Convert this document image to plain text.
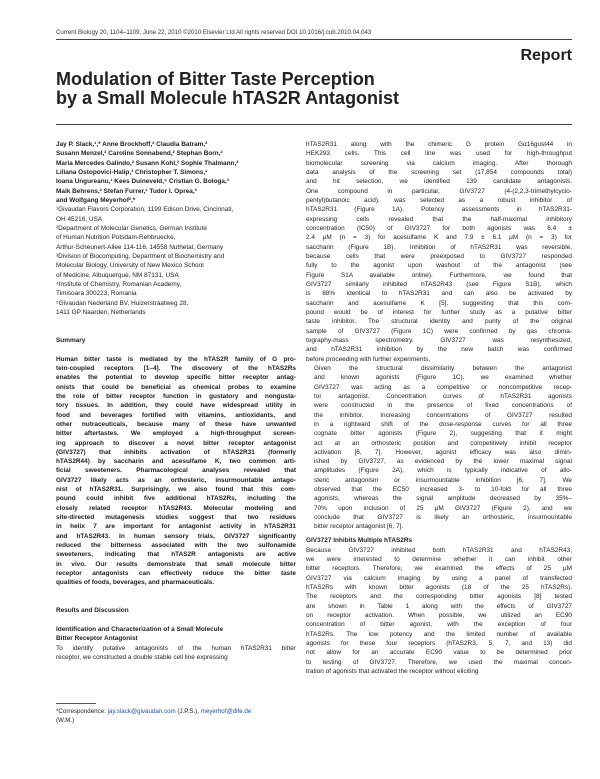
Current Biology 20, 1104–1109, June 22, 2010 ©2010 Elsevier Ltd All rights reserved DOI 10.1016/j.cub.2010.04.043
Report
Modulation of Bitter Taste Perception
by a Small Molecule hTAS2R Antagonist
Jay P. Slack,¹,* Anne Brockhoff,² Claudia Batram,²
Susann Menzel,² Caroline Sonnabend,² Stephan Born,²
Maria Mercedes Galindo,² Susann Kohl,² Sophie Thalmann,²
Liliana Ostopovici-Halip,³ Christopher T. Simons,¹
Ioana Ungureanu,¹ Kees Duineveld,⁵ Cristian G. Bologa,³
Maik Behrens,² Stefan Furrer,¹ Tudor I. Oprea,³
and Wolfgang Meyerhof²,*
¹Givaudan Flavors Corporation, 1199 Edison Drive, Cincinnati,
OH 45216, USA
²Department of Molecular Genetics, German Institute
of Human Nutrition Potsdam-Rehbruecke,
Arthur-Scheunert-Allee 114-116, 14558 Nuthetal, Germany
³Division of Biocomputing, Department of Biochemistry and
Molecular Biology, University of New Mexico School
of Medicine, Albuquerque, NM 87131, USA
⁴Institute of Chemistry, Romanian Academy,
Timisoara 300223, Romania
⁵Givaudan Nederland BV, Huizerstraatweg 28,
1411 GP Naarden, Netherlands
Summary
Human bitter taste is mediated by the hTAS2R family of G pro-
tein-coupled receptors [1–4]. The discovery of the hTAS2Rs
enables the potential to develop specific bitter receptor antag-
onists that could be beneficial as chemical probes to examine
the role of bitter receptor function in gustatory and nongusta-
tory tissues. In addition, they could have widespread utility in
food and beverages fortified with vitamins, antioxidants, and
other nutraceuticals, because many of these have unwanted
bitter aftertastes. We employed a high-throughput screen-
ing approach to discover a novel bitter receptor antagonist
(GIV3727) that inhibits activation of hTAS2R31 (formerly
hTAS2R44) by saccharin and acesulfame K, two common arti-
ficial sweeteners. Pharmacological analyses revealed that
GIV3727 likely acts as an orthosteric, insurmountable antago-
nist of hTAS2R31. Surprisingly, we also found that this com-
pound could inhibit five additional hTAS2Rs, including the
closely related receptor hTAS2R43. Molecular modeling and
site-directed mutagenesis studies suggest that two residues
in helix 7 are important for antagonist activity in hTAS2R31
and hTAS2R43. In human sensory trials, GIV3727 significantly
reduced the bitterness associated with the two sulfonamide
sweeteners, indicating that hTAS2R antagonists are active
in vivo. Our results demonstrate that small molecule bitter
receptor antagonists can effectively reduce the bitter taste
qualities of foods, beverages, and pharmaceuticals.
Results and Discussion
Identification and Characterization of a Small Molecule
Bitter Receptor Antagonist
To identify putative antagonists of the human hTAS2R31 bitter
receptor, we constructed a double stable cell line expressing
*Correspondence: jay.slack@givaudan.com (J.P.S.), meyerhof@dife.de
(W.M.)
hTAS2R31 along with the chimeric G protein Gα16gust44 in
HEK293 cells. This cell line was used for high-throughput
biomolecular screening via calcium imaging. After thorough
data analysis of the screening set (17,854 compounds total)
and hit selection, we identified 139 candidate antagonists.
One compound in particular, GIV3727 (4-(2,2,3-trimethylcyclo-
pentyl)butanoic acid), was selected as a robust inhibitor of
hTAS2R31 (Figure 1A). Potency assessments in hTAS2R31-
expressing cells revealed that the half-maximal inhibitory
concentration (IC50) of GIV3727 for both agonists was 6.4 ±
2.4 μM (n = 3) for acesulfame K and 7.9 ± 6.1 μM (n = 3) for
saccharin (Figure 1B). Inhibition of hTAS2R31 was reversible,
because cells that were preexposed to GIV3727 responded
fully to the agonist upon washout of the antagonist (see
Figure S1A available online). Furthermore, we found that
GIV3727 similarly inhibited hTAS2R43 (see Figure S1B), which
is 88% identical to hTAS2R31 and can also be activated by
saccharin and acesulfame K [5], suggesting that this com-
pound would be of interest for further study as a putative bitter
taste inhibitor. The structural identity and purity of the original
sample of GIV3727 (Figure 1C) were confirmed by gas chroma-
tography-mass spectrometry. GIV3727 was resynthesized,
and hTAS2R31 inhibition by the new batch was confirmed
before proceeding with further experiments.
Given the structural dissimilarity between the antagonist
and known agonists (Figure 1C), we examined whether
GIV3727 was acting as a competitive or noncompetitive recep-
tor antagonist. Concentration curves of hTAS2R31 agonists
were constructed in the presence of fixed concentrations of
the inhibitor. Increasing concentrations of GIV3727 resulted
in a rightward shift of the dose-response curves for all three
cognate bitter agonists (Figure 2), suggesting that it might
act at an orthosteric position and competitively inhibit receptor
activation [6, 7]. However, agonist efficacy was also dimin-
ished by GIV3727, as evidenced by the lower maximal signal
amplitudes (Figure 2A), which is typically indicative of allo-
steric antagonism or insurmountable inhibition [6, 7]. We
observed that the EC50 increased 3- to 10-fold for all three
agonists, whereas the signal amplitude decreased by 35%–
70% upon inclusion of 25 μM GIV3727 (Figure 2), and we
conclude that GIV3727 is likely an orthosteric, insurmountable
bitter receptor antagonist [6, 7].
GIV3727 Inhibits Multiple hTAS2Rs
Because GIV3727 inhibited both hTAS2R31 and hTAS2R43,
we were interested to determine whether it can inhibit other
bitter receptors. Therefore, we examined the effects of 25 μM
GIV3727 via calcium imaging by using a panel of transfected
hTAS2Rs with known bitter agonists (18 of the 25 hTAS2Rs).
The receptors and the corresponding bitter agonists [8] tested
are shown in Table 1 along with the effects of GIV3727
on receptor activation. When possible, we utilized an EC90
concentration of bitter agonist, with the exception of four
hTAS2Rs. The low potency and the limited number of available
agonists for these four receptors (hTAS2R3, 5, 7, and 13) did
not allow for an accurate EC90 value to be determined prior
to testing of GIV3727. Therefore, we used the maximal concen-
tration of agonists that activated the receptor without eliciting
